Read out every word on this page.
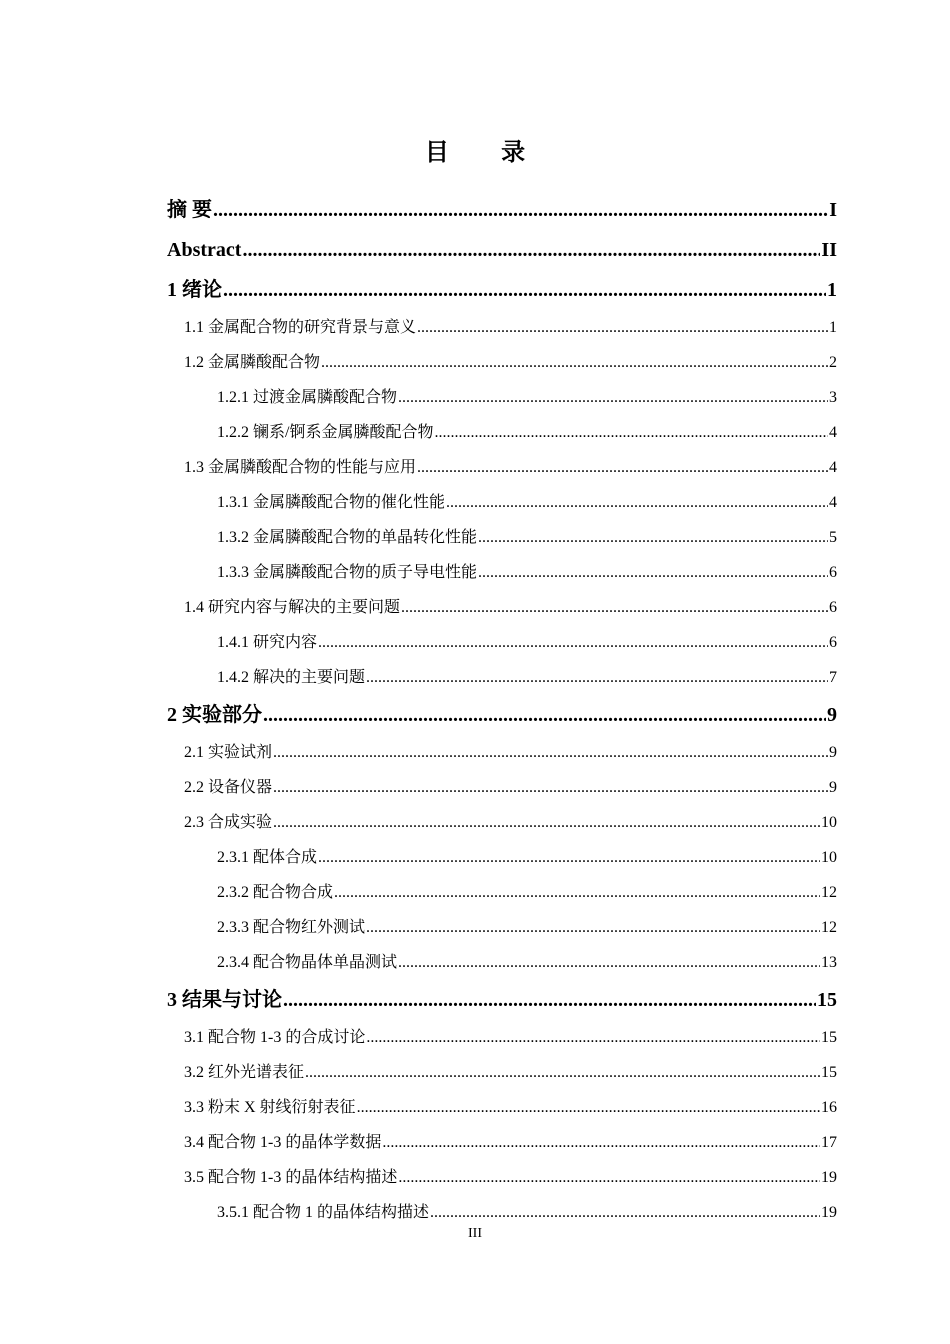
目 录
摘 要 .....	I
Abstract .....	II
1 绪论 .....	1
1.1 金属配合物的研究背景与意义 .....	1
1.2 金属膦酸配合物 .....	2
1.2.1 过渡金属膦酸配合物 .....	3
1.2.2 镧系/锕系金属膦酸配合物 .....	4
1.3 金属膦酸配合物的性能与应用 .....	4
1.3.1 金属膦酸配合物的催化性能 .....	4
1.3.2 金属膦酸配合物的单晶转化性能 .....	5
1.3.3 金属膦酸配合物的质子导电性能 .....	6
1.4 研究内容与解决的主要问题 .....	6
1.4.1 研究内容 .....	6
1.4.2 解决的主要问题 .....	7
2 实验部分 .....	9
2.1 实验试剂 .....	9
2.2 设备仪器 .....	9
2.3 合成实验 .....	10
2.3.1 配体合成 .....	10
2.3.2 配合物合成 .....	12
2.3.3 配合物红外测试 .....	12
2.3.4 配合物晶体单晶测试 .....	13
3 结果与讨论 .....	15
3.1 配合物 1-3 的合成讨论 .....	15
3.2 红外光谱表征 .....	15
3.3 粉末 X 射线衍射表征 .....	16
3.4 配合物 1-3 的晶体学数据 .....	17
3.5 配合物 1-3 的晶体结构描述 .....	19
3.5.1 配合物 1 的晶体结构描述 .....	19
III
